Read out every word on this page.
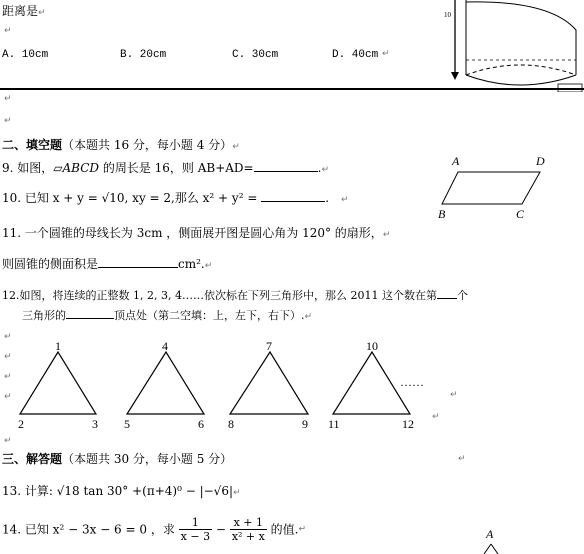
距离是↵
↵
A. 10cm	B. 20cm	C. 30cm	D. 40cm ↵
10
↵
↵
二、填空题（本题共 16 分，每小题 4 分）↵
9. 如图，▱ABCD 的周长是 16，则 AB+AD=	.↵
A	D
B	C
10. 已知 x + y = √10, xy = 2,那么 x² + y² =	. ↵
11. 一个圆锥的母线长为 3cm ，侧面展开图是圆心角为 120° 的扇形，↵
则圆锥的侧面积是	cm².↵
12.如图，将连续的正整数 1, 2, 3, 4……依次标在下列三角形中，那么 2011 这个数在第 个
三角形的	顶点处（第二空填：上，左下，右下）.↵
↵
↵
↵
↵
1
2	3
4
5	6
7
8	9
10
11	12
……
↵
↵
↵
三、解答题（本题共 30 分，每小题 5 分）	↵
13. 计算: √18 tan 30° +(π+4)⁰ − |−√6|↵
14. 已知 x² − 3x − 6 = 0 ，求 $\frac{1}{x - 3} - \frac{x + 1}{\text{x² + x}}$ 的值.↵	A
